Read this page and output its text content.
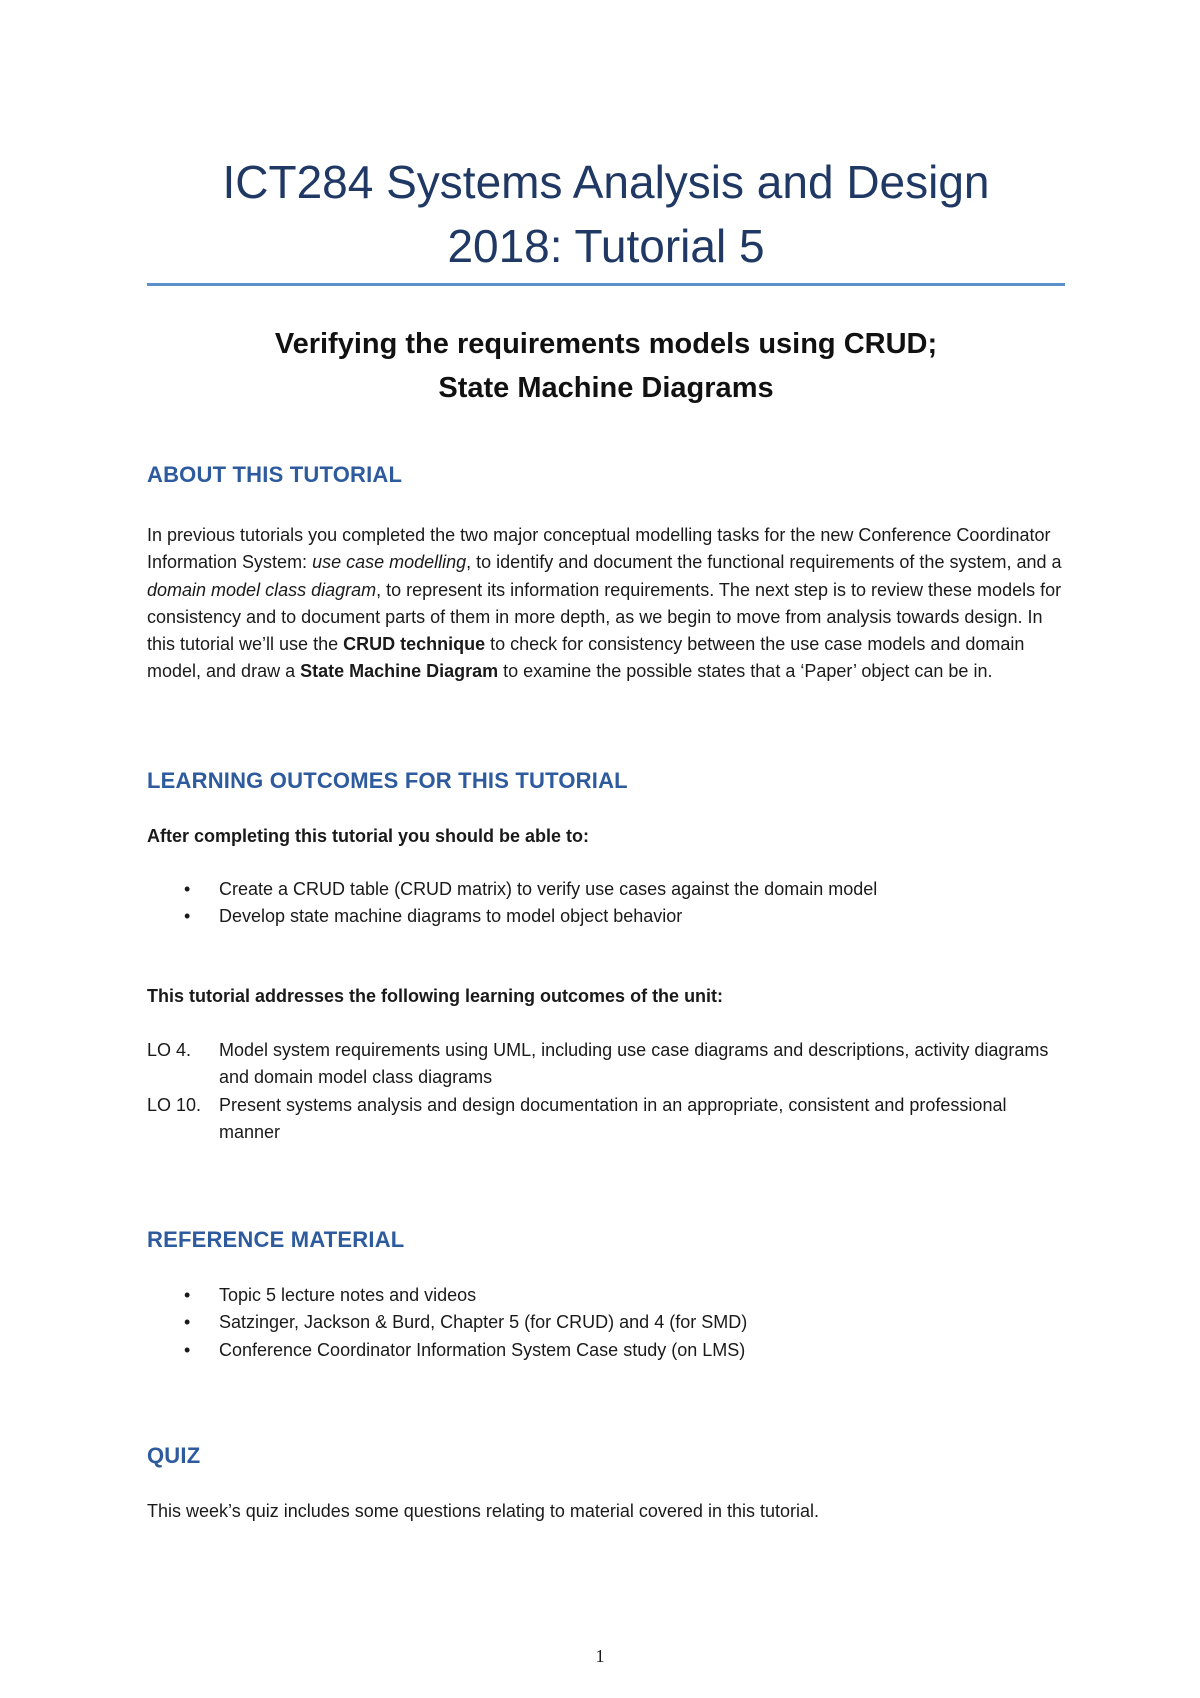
ICT284 Systems Analysis and Design
2018: Tutorial 5
Verifying the requirements models using CRUD;
State Machine Diagrams
ABOUT THIS TUTORIAL
In previous tutorials you completed the two major conceptual modelling tasks for the new Conference Coordinator Information System: use case modelling, to identify and document the functional requirements of the system, and a domain model class diagram, to represent its information requirements. The next step is to review these models for consistency and to document parts of them in more depth, as we begin to move from analysis towards design. In this tutorial we’ll use the CRUD technique to check for consistency between the use case models and domain model, and draw a State Machine Diagram to examine the possible states that a ‘Paper’ object can be in.
LEARNING OUTCOMES FOR THIS TUTORIAL
After completing this tutorial you should be able to:
• Create a CRUD table (CRUD matrix) to verify use cases against the domain model
• Develop state machine diagrams to model object behavior
This tutorial addresses the following learning outcomes of the unit:
LO 4. Model system requirements using UML, including use case diagrams and descriptions, activity diagrams and domain model class diagrams
LO 10. Present systems analysis and design documentation in an appropriate, consistent and professional manner
REFERENCE MATERIAL
• Topic 5 lecture notes and videos
• Satzinger, Jackson & Burd, Chapter 5 (for CRUD) and 4 (for SMD)
• Conference Coordinator Information System Case study (on LMS)
QUIZ
This week’s quiz includes some questions relating to material covered in this tutorial.
1
